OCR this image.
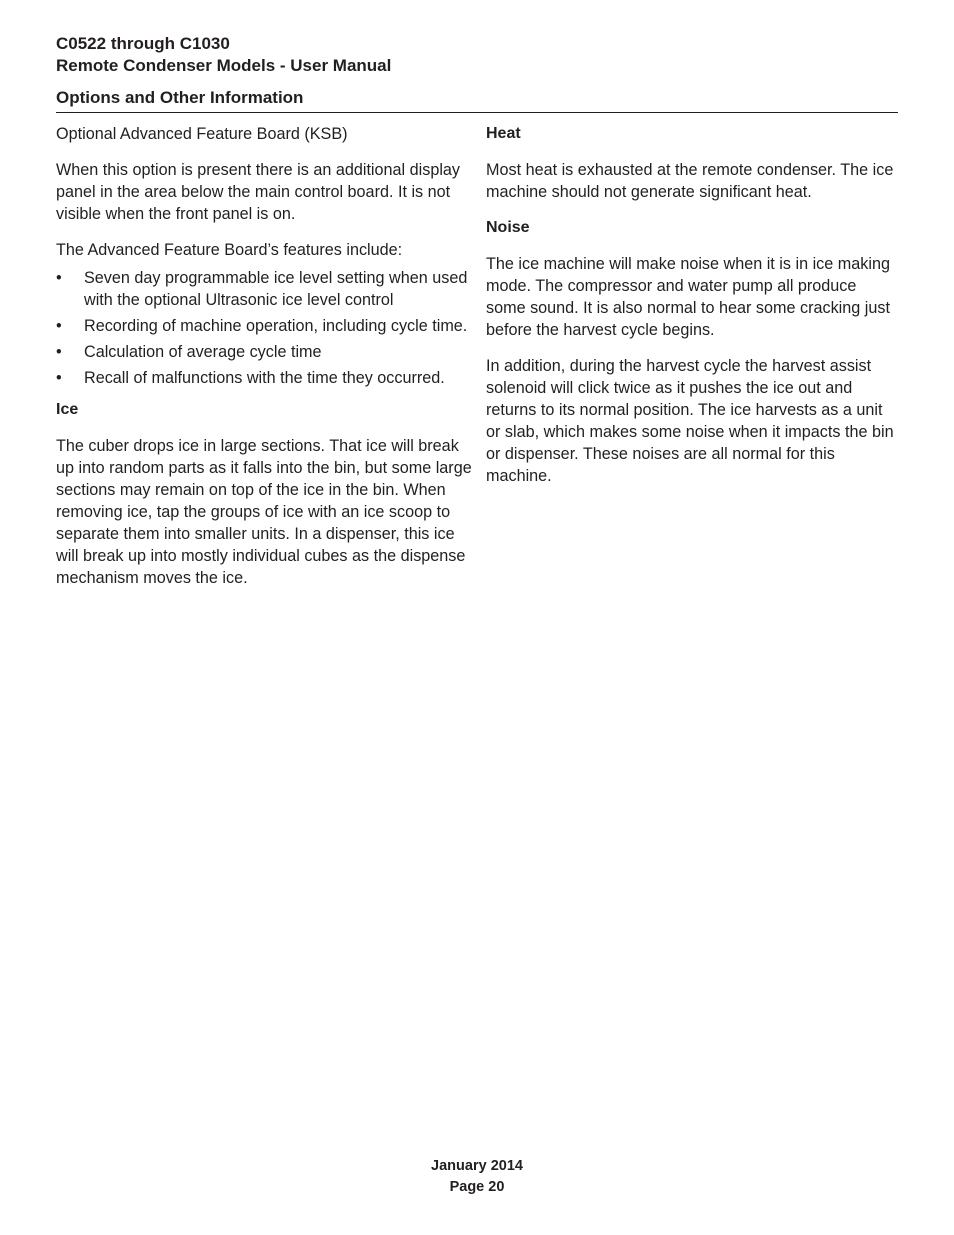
C0522 through C1030
Remote Condenser Models - User Manual
Options and Other Information

Optional Advanced Feature Board (KSB)

When this option is present there is an additional display panel in the area below the main control board. It is not visible when the front panel is on.

The Advanced Feature Board’s features include:

• Seven day programmable ice level setting when used with the optional Ultrasonic ice level control
• Recording of machine operation, including cycle time.
• Calculation of average cycle time
• Recall of malfunctions with the time they occurred.
Ice

The cuber drops ice in large sections. That ice will break up into random parts as it falls into the bin, but some large sections may remain on top of the ice in the bin. When removing ice, tap the groups of ice with an ice scoop to separate them into smaller units. In a dispenser, this ice will break up into mostly individual cubes as the dispense mechanism moves the ice.

Heat

Most heat is exhausted at the remote condenser. The ice machine should not generate significant heat.

Noise

The ice machine will make noise when it is in ice making mode. The compressor and water pump all produce some sound. It is also normal to hear some cracking just before the harvest cycle begins.

In addition, during the harvest cycle the harvest assist solenoid will click twice as it pushes the ice out and returns to its normal position. The ice harvests as a unit or slab, which makes some noise when it impacts the bin or dispenser. These noises are all normal for this machine.

January 2014
Page 20
